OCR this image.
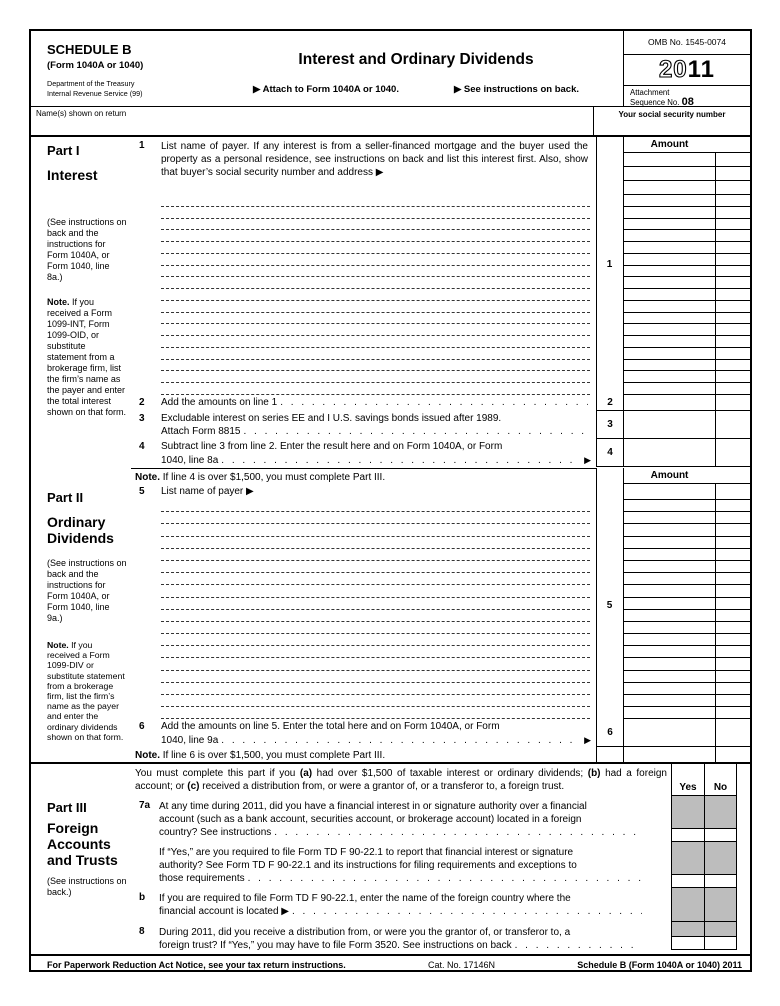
SCHEDULE B
(Form 1040A or 1040)
Department of the Treasury
Internal Revenue Service (99)
Interest and Ordinary Dividends
▶ Attach to Form 1040A or 1040.	▶ See instructions on back.
OMB No. 1545-0074
20 11
Attachment
Sequence No. 08
Name(s) shown on return	Your social security number
Part I
Interest
(See instructions on back and the instructions for Form 1040A, or Form 1040, line 8a.)
Note. If you received a Form 1099-INT, Form 1099-OID, or substitute statement from a brokerage firm, list the firm’s name as the payer and enter the total interest shown on that form.
1
1 List name of payer. If any interest is from a seller-financed mortgage and the buyer used the property as a personal residence, see instructions on back and list this interest first. Also, show that buyer’s social security number and address ▶
Amount
2 Add the amounts on line 1 . . .	2
3 Excludable interest on series EE and I U.S. savings bonds issued after 1989.
Attach Form 8815
. . .
3
4 Subtract line 3 from line 2. Enter the result here and on Form 1040A, or Form
1040, line 8a . . .	▶
4
Note. If line 4 is over $1,500, you must complete Part III.	Amount
Part II
Ordinary Dividends
(See instructions on back and the instructions for Form 1040A, or Form 1040, line 9a.)
Note. If you received a Form 1099-DIV or substitute statement from a brokerage firm, list the firm’s name as the payer and enter the ordinary dividends shown on that form.
5
5 List name of payer ▶
6 Add the amounts on line 5. Enter the total here and on Form 1040A, or Form
1040, line 9a . . .	▶
6
Note. If line 6 is over $1,500, you must complete Part III.
Part III
Foreign Accounts and Trusts
(See instructions on back.)
You must complete this part if you (a) had over $1,500 of taxable interest or ordinary dividends; (b) had a foreign account; or (c) received a distribution from, or were a grantor of, or a transferor to, a foreign trust.	Yes	No
7a At any time during 2011, did you have a financial interest in or signature authority over a financial
account (such as a bank account, securities account, or brokerage account) located in a foreign
country? See instructions
. . .
If “Yes,” are you required to file Form TD F 90-22.1 to report that financial interest or signature
authority? See Form TD F 90-22.1 and its instructions for filing requirements and exceptions to
those requirements
. . .
b If you are required to file Form TD F 90-22.1, enter the name of the foreign country where the
financial account is located ▶
. . .
8 During 2011, did you receive a distribution from, or were you the grantor of, or transferor to, a
foreign trust? If “Yes,” you may have to file Form 3520. See instructions on back
. . .
For Paperwork Reduction Act Notice, see your tax return instructions.	Cat. No. 17146N	Schedule B (Form 1040A or 1040) 2011
